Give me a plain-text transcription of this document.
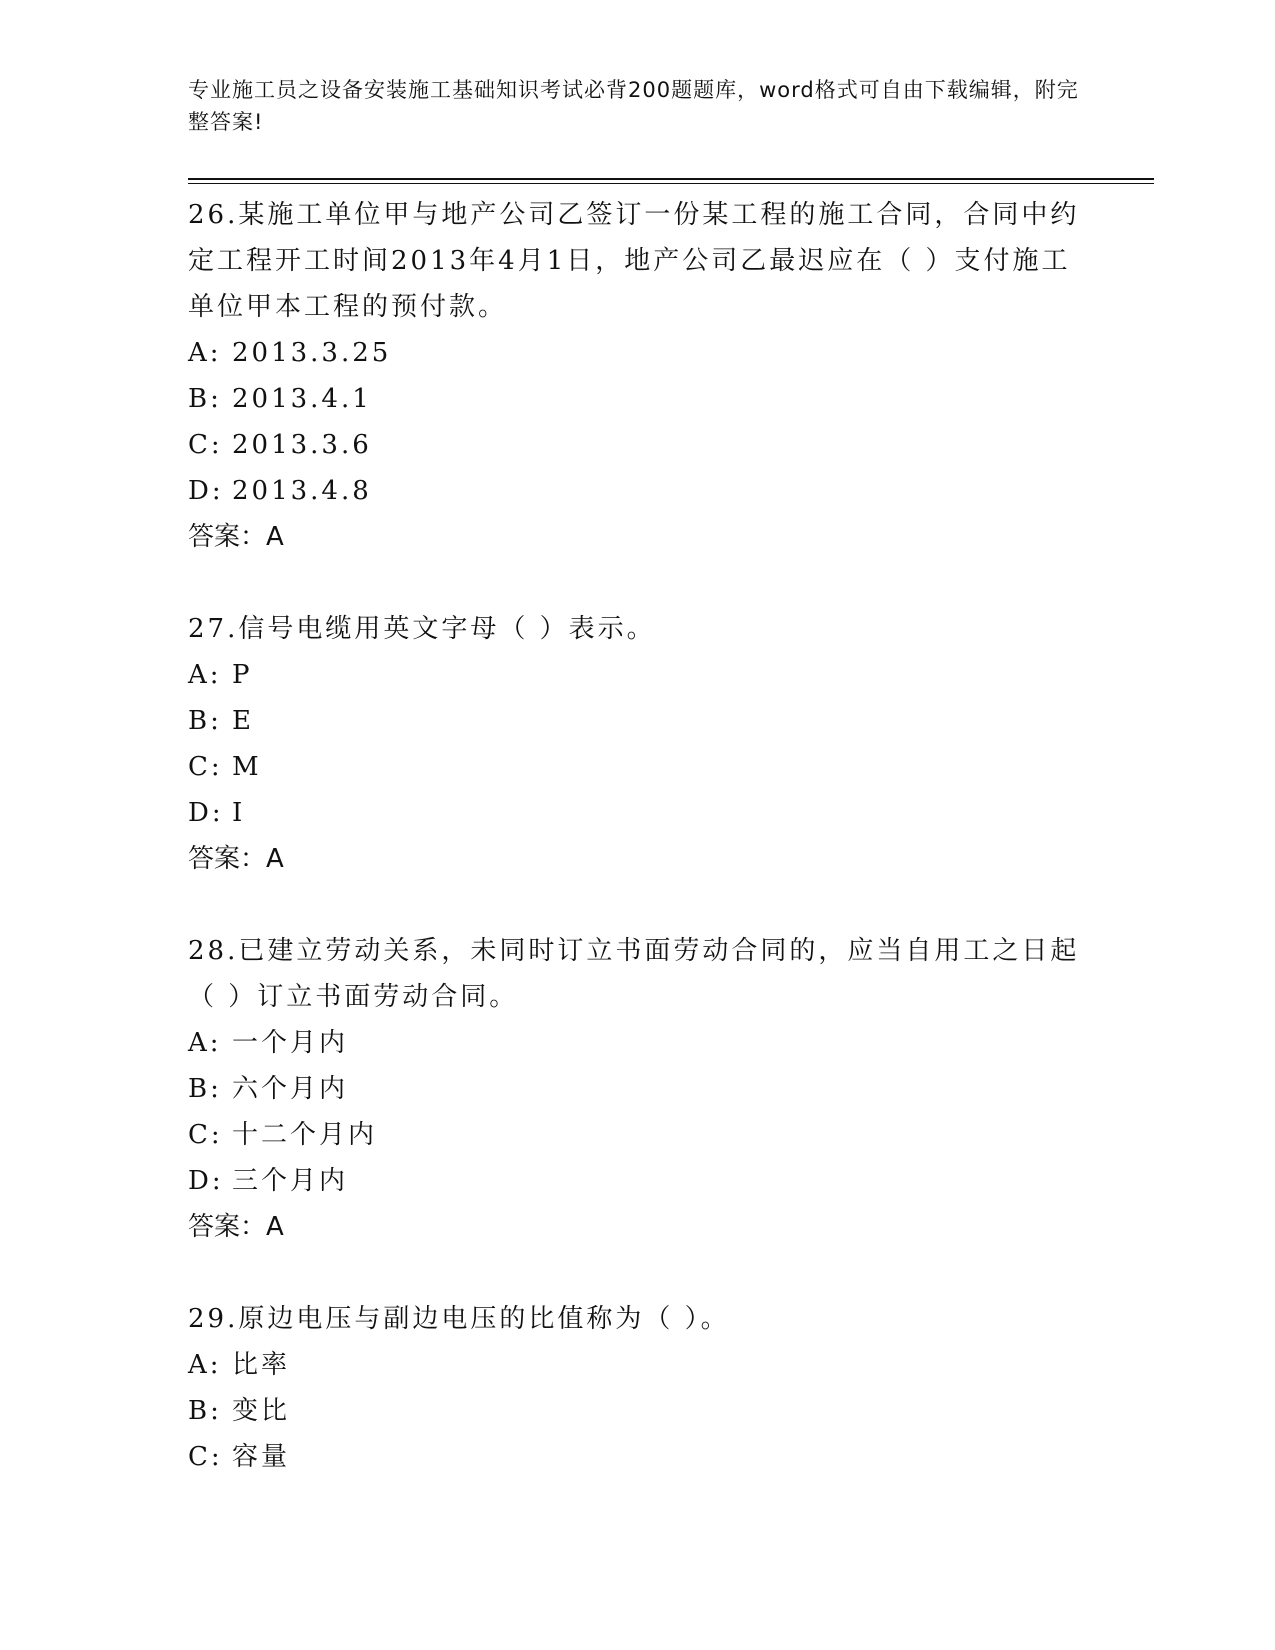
专业施工员之设备安装施工基础知识考试必背200题题库，word格式可自由下载编辑，附完整答案!

26.某施工单位甲与地产公司乙签订一份某工程的施工合同，合同中约定工程开工时间2013年4月1日，地产公司乙最迟应在（ ）支付施工单位甲本工程的预付款。

A: 2013.3.25

B: 2013.4.1

C: 2013.3.6

D: 2013.4.8

答案：A

27.信号电缆用英文字母（ ）表示。

A: P

B: E

C: M

D: I

答案：A

28.已建立劳动关系，未同时订立书面劳动合同的，应当自用工之日起（ ）订立书面劳动合同。

A: 一个月内

B: 六个月内

C: 十二个月内

D: 三个月内

答案：A

29.原边电压与副边电压的比值称为（ ）。

A: 比率

B: 变比

C: 容量
